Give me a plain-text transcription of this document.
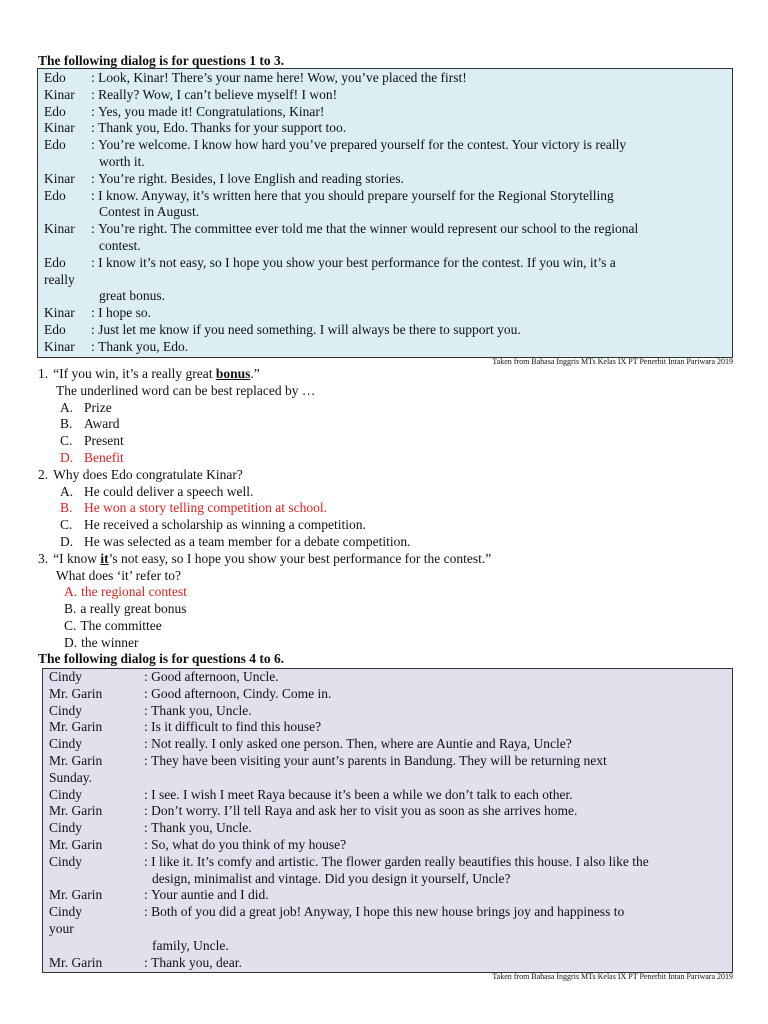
The following dialog is for questions 1 to 3.
Edo	: Look, Kinar! There’s your name here! Wow, you’ve placed the first!
Kinar	: Really? Wow, I can’t believe myself! I won!
Edo	: Yes, you made it! Congratulations, Kinar!
Kinar	: Thank you, Edo. Thanks for your support too.
Edo	: You’re welcome. I know how hard you’ve prepared yourself for the contest. Your victory is really
worth it.
Kinar	: You’re right. Besides, I love English and reading stories.
Edo	: I know. Anyway, it’s written here that you should prepare yourself for the Regional Storytelling
Contest in August.
Kinar	: You’re right. The committee ever told me that the winner would represent our school to the regional
contest.
Edo	: I know it’s not easy, so I hope you show your best performance for the contest. If you win, it’s a
really
great bonus.
Kinar	: I hope so.
Edo	: Just let me know if you need something. I will always be there to support you.
Kinar	: Thank you, Edo.
Taken from Bahasa Inggris MTs Kelas IX PT Penerbit Intan Pariwara 2019
1. “If you win, it’s a really great bonus.”
The underlined word can be best replaced by …
A. Prize
B. Award
C. Present
D. Benefit
2. Why does Edo congratulate Kinar?
A. He could deliver a speech well.
B. He won a story telling competition at school.
C. He received a scholarship as winning a competition.
D. He was selected as a team member for a debate competition.
3. “I know it’s not easy, so I hope you show your best performance for the contest.”
What does ‘it’ refer to?
A. the regional contest
B. a really great bonus
C. The committee
D. the winner
The following dialog is for questions 4 to 6.
Cindy	: Good afternoon, Uncle.
Mr. Garin	: Good afternoon, Cindy. Come in.
Cindy	: Thank you, Uncle.
Mr. Garin	: Is it difficult to find this house?
Cindy	: Not really. I only asked one person. Then, where are Auntie and Raya, Uncle?
Mr. Garin	: They have been visiting your aunt’s parents in Bandung. They will be returning next
Sunday.
Cindy	: I see. I wish I meet Raya because it’s been a while we don’t talk to each other.
Mr. Garin	: Don’t worry. I’ll tell Raya and ask her to visit you as soon as she arrives home.
Cindy	: Thank you, Uncle.
Mr. Garin	: So, what do you think of my house?
Cindy	: I like it. It’s comfy and artistic. The flower garden really beautifies this house. I also like the
design, minimalist and vintage. Did you design it yourself, Uncle?
Mr. Garin	: Your auntie and I did.
Cindy	: Both of you did a great job! Anyway, I hope this new house brings joy and happiness to
your
family, Uncle.
Mr. Garin	: Thank you, dear.
Taken from Bahasa Inggris MTs Kelas IX PT Penerbit Intan Pariwara 2019
